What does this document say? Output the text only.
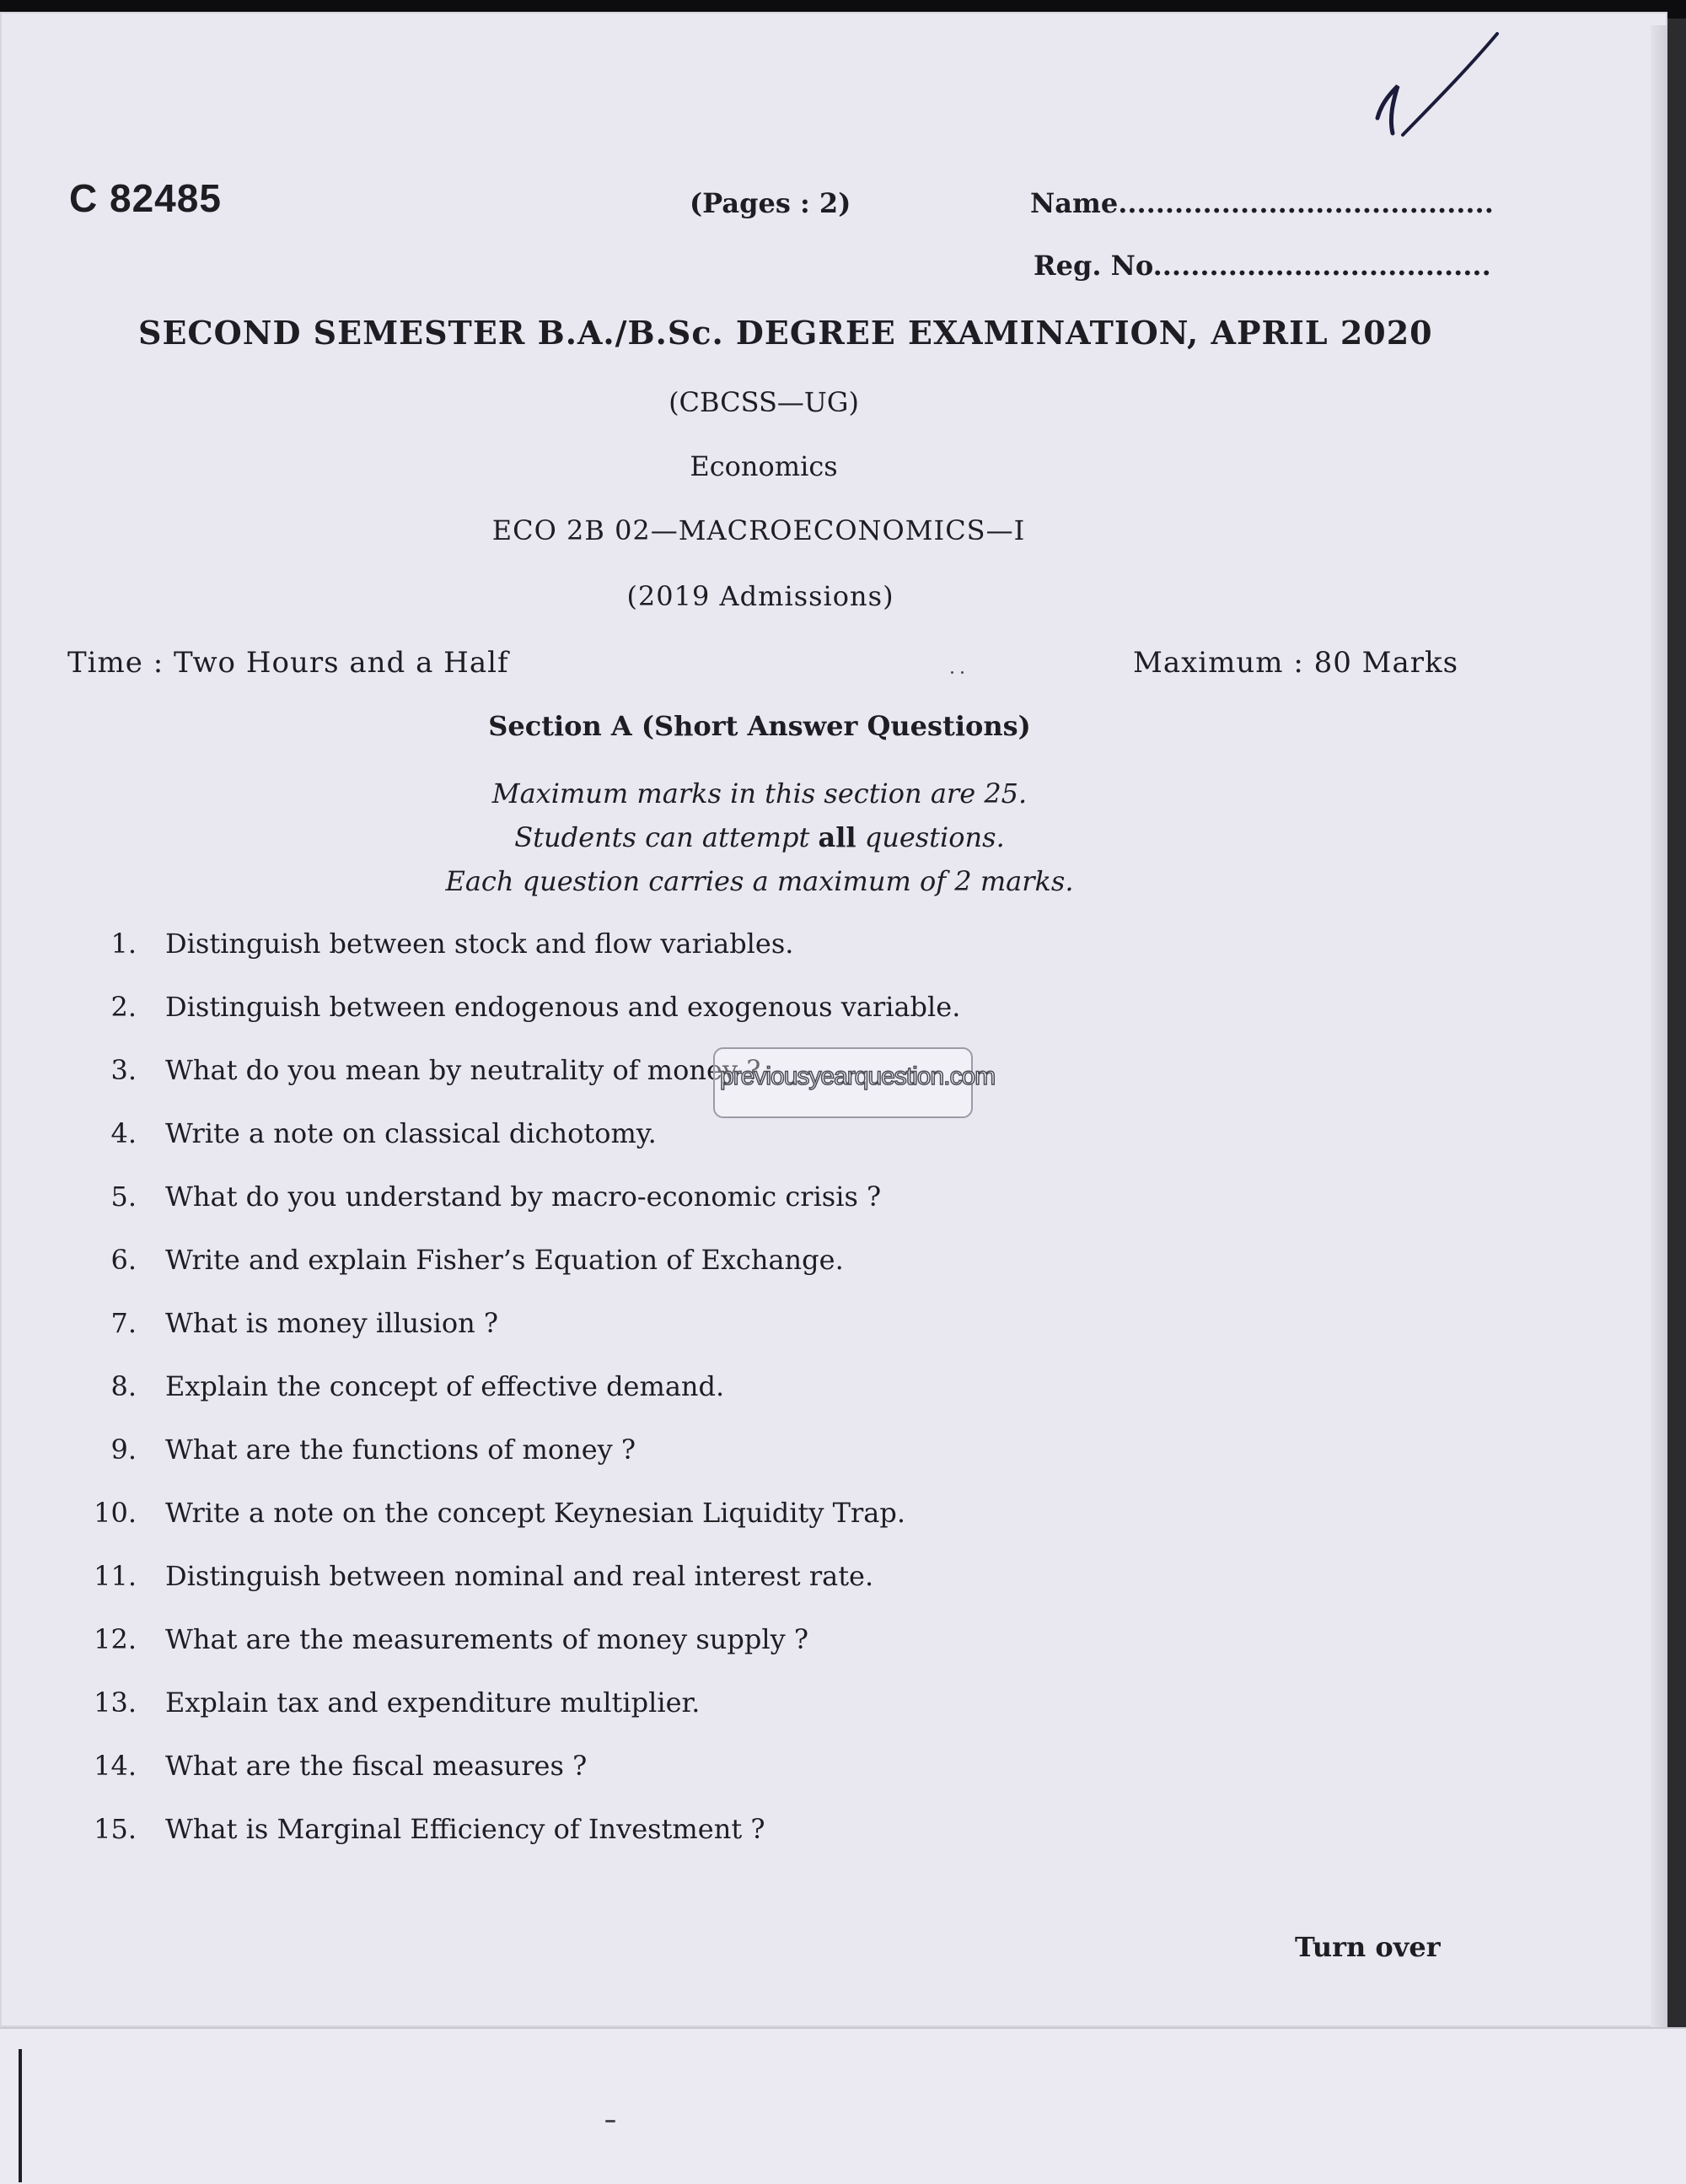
C 82485	(Pages : 2)	Name........................................
Reg. No....................................
SECOND SEMESTER B.A./B.Sc. DEGREE EXAMINATION, APRIL 2020
(CBCSS—UG)
Economics
ECO 2B 02—MACROECONOMICS—I
(2019 Admissions)
Time : Two Hours and a Half	Maximum : 80 Marks
Section A (Short Answer Questions)
Maximum marks in this section are 25.
Students can attempt all questions.
Each question carries a maximum of 2 marks.
1. Distinguish between stock and flow variables.
2. Distinguish between endogenous and exogenous variable.
3. What do you mean by neutrality of money ?
4. Write a note on classical dichotomy.
5. What do you understand by macro-economic crisis ?
6. Write and explain Fisher’s Equation of Exchange.
7. What is money illusion ?
8. Explain the concept of effective demand.
9. What are the functions of money ?
10. Write a note on the concept Keynesian Liquidity Trap.
11. Distinguish between nominal and real interest rate.
12. What are the measurements of money supply ?
13. Explain tax and expenditure multiplier.
14. What are the fiscal measures ?
15. What is Marginal Efficiency of Investment ?
previousyearquestion.com
Turn over
